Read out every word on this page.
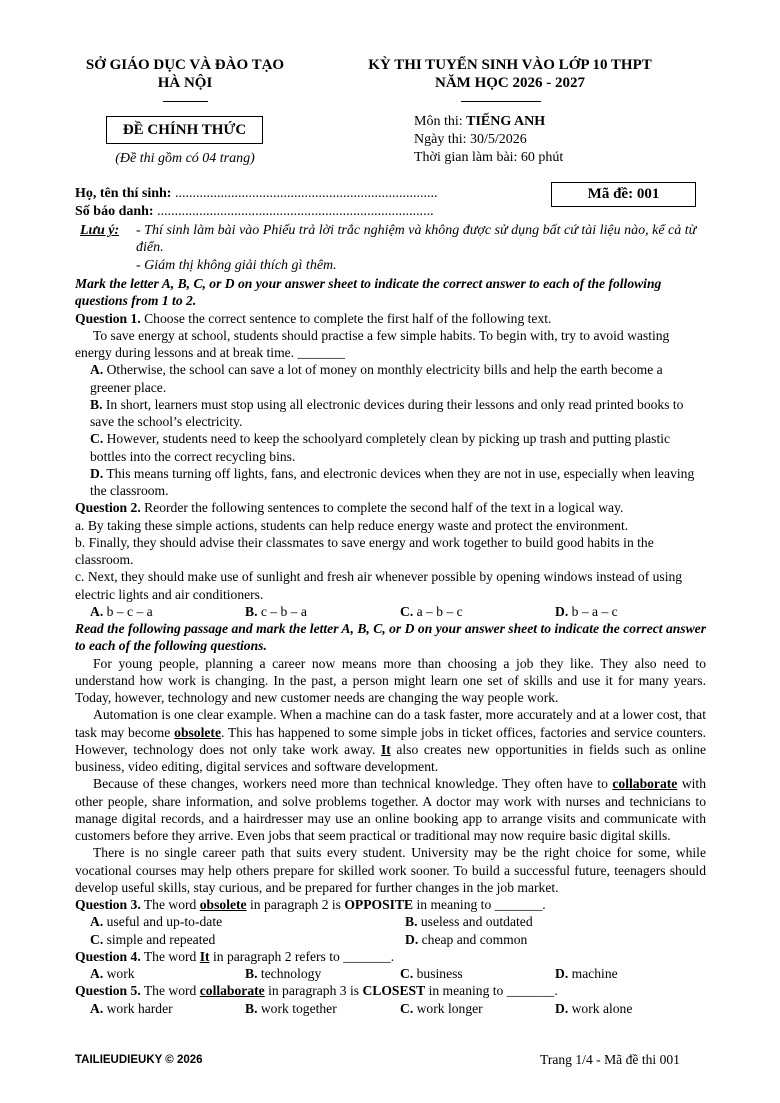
SỞ GIÁO DỤC VÀ ĐÀO TẠO
HÀ NỘI
ĐỀ CHÍNH THỨC
(Đề thi gồm có 04 trang)
KỲ THI TUYỂN SINH VÀO LỚP 10 THPT
NĂM HỌC 2026 - 2027
Môn thi: TIẾNG ANH
Ngày thi: 30/5/2026
Thời gian làm bài: 60 phút
Họ, tên thí sinh: ...........................................................................
Số báo danh: ...............................................................................
Mã đề: 001
Lưu ý:	- Thí sinh làm bài vào Phiếu trả lời trắc nghiệm và không được sử dụng bất cứ tài liệu nào, kể cả từ điển.
- Giám thị không giải thích gì thêm.

Mark the letter A, B, C, or D on your answer sheet to indicate the correct answer to each of the following questions from 1 to 2.

Question 1. Choose the correct sentence to complete the first half of the following text.

To save energy at school, students should practise a few simple habits. To begin with, try to avoid wasting energy during lessons and at break time. _______

A. Otherwise, the school can save a lot of money on monthly electricity bills and help the earth become a greener place.

B. In short, learners must stop using all electronic devices during their lessons and only read printed books to save the school’s electricity.

C. However, students need to keep the schoolyard completely clean by picking up trash and putting plastic bottles into the correct recycling bins.

D. This means turning off lights, fans, and electronic devices when they are not in use, especially when leaving the classroom.

Question 2. Reorder the following sentences to complete the second half of the text in a logical way.

a. By taking these simple actions, students can help reduce energy waste and protect the environment.

b. Finally, they should advise their classmates to save energy and work together to build good habits in the classroom.

c. Next, they should make use of sunlight and fresh air whenever possible by opening windows instead of using electric lights and air conditioners.

A. b – c – a	B. c – b – a	C. a – b – c	D. b – a – c

Read the following passage and mark the letter A, B, C, or D on your answer sheet to indicate the correct answer to each of the following questions.

For young people, planning a career now means more than choosing a job they like. They also need to understand how work is changing. In the past, a person might learn one set of skills and use it for many years. Today, however, technology and new customer needs are changing the way people work.

Automation is one clear example. When a machine can do a task faster, more accurately and at a lower cost, that task may become obsolete. This has happened to some simple jobs in ticket offices, factories and service counters. However, technology does not only take work away. It also creates new opportunities in fields such as online business, video editing, digital services and software development.

Because of these changes, workers need more than technical knowledge. They often have to collaborate with other people, share information, and solve problems together. A doctor may work with nurses and technicians to manage digital records, and a hairdresser may use an online booking app to arrange visits and communicate with customers before they arrive. Even jobs that seem practical or traditional may now require basic digital skills.

There is no single career path that suits every student. University may be the right choice for some, while vocational courses may help others prepare for skilled work sooner. To build a successful future, teenagers should develop useful skills, stay curious, and be prepared for further changes in the job market.

Question 3. The word obsolete in paragraph 2 is OPPOSITE in meaning to _______.

A. useful and up-to-date	B. useless and outdated
C. simple and repeated	D. cheap and common

Question 4. The word It in paragraph 2 refers to _______.

A. work	B. technology	C. business	D. machine

Question 5. The word collaborate in paragraph 3 is CLOSEST in meaning to _______.

A. work harder	B. work together	C. work longer	D. work alone
TAILIEUDIEUKY © 2026	Trang 1/4 - Mã đề thi 001
